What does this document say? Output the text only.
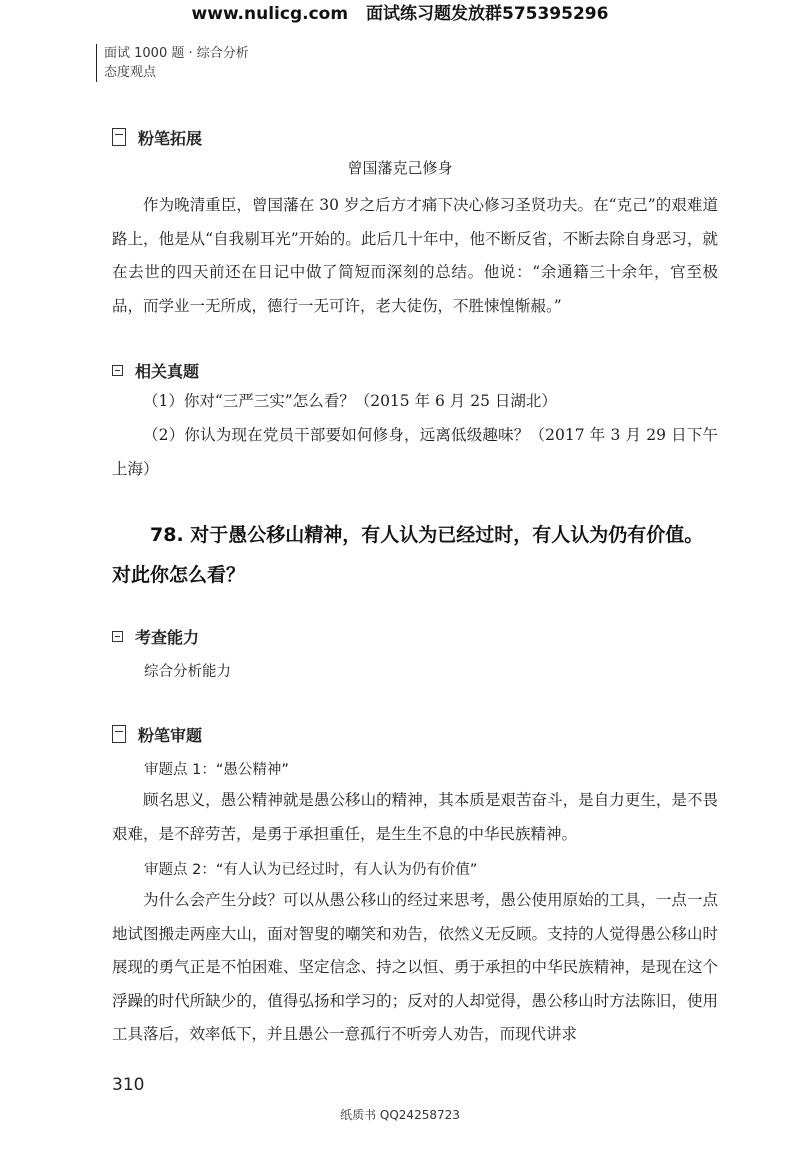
www.nulicg.com 面试练习题发放群575395296
面试 1000 题 · 综合分析
态度观点
粉笔拓展
曾国藩克己修身

作为晚清重臣，曾国藩在 30 岁之后方才痛下决心修习圣贤功夫。在“克己”的艰难道路上，他是从“自我剔耳光”开始的。此后几十年中，他不断反省，不断去除自身恶习，就在去世的四天前还在日记中做了简短而深刻的总结。他说：“余通籍三十余年，官至极品，而学业一无所成，德行一无可许，老大徒伤，不胜悚惶惭赧。”

相关真题

（1）你对“三严三实”怎么看？（2015 年 6 月 25 日湖北）

（2）你认为现在党员干部要如何修身，远离低级趣味？（2017 年 3 月 29 日下午上海）

78. 对于愚公移山精神，有人认为已经过时，有人认为仍有价值。对此你怎么看？

考查能力
综合分析能力
粉笔审题
审题点 1：“愚公精神”

顾名思义，愚公精神就是愚公移山的精神，其本质是艰苦奋斗，是自力更生，是不畏艰难，是不辞劳苦，是勇于承担重任，是生生不息的中华民族精神。

审题点 2：“有人认为已经过时，有人认为仍有价值”

为什么会产生分歧？可以从愚公移山的经过来思考，愚公使用原始的工具，一点一点地试图搬走两座大山，面对智叟的嘲笑和劝告，依然义无反顾。支持的人觉得愚公移山时展现的勇气正是不怕困难、坚定信念、持之以恒、勇于承担的中华民族精神，是现在这个浮躁的时代所缺少的，值得弘扬和学习的；反对的人却觉得，愚公移山时方法陈旧，使用工具落后，效率低下，并且愚公一意孤行不听旁人劝告，而现代讲求

310
纸质书 QQ24258723
